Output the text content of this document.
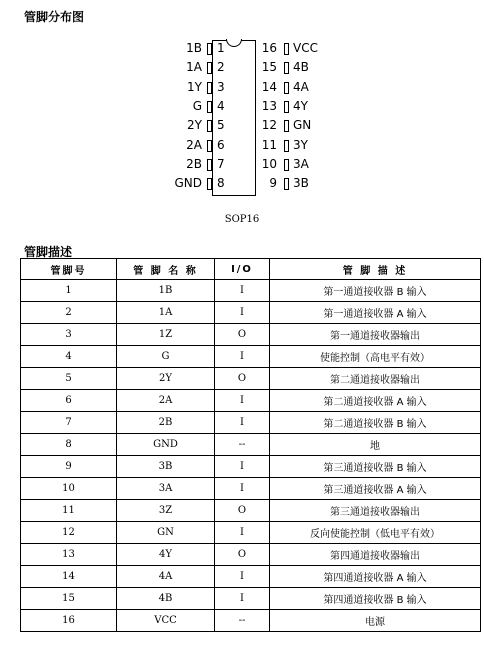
管脚分布图
1
1B
2
1A
3
1Y
4
G
5
2Y
6
2A
7
2B
8
GND
16 VCC
15 4B
14 4A
13 4Y
12 GN
11 3Y
10 3A
9 3B
SOP16
管脚描述
管脚号	管 脚 名 称	I/O	管 脚 描 述
1	1B	I	第一通道接收器 B 输入
2	1A	I	第一通道接收器 A 输入
3	1Z	O	第一通道接收器输出
4	G	I	使能控制（高电平有效）
5	2Y	O	第二通道接收器输出
6	2A	I	第二通道接收器 A 输入
7	2B	I	第二通道接收器 B 输入
8	GND	--	地
9	3B	I	第三通道接收器 B 输入
10	3A	I	第三通道接收器 A 输入
11	3Z	O	第三通道接收器输出
12	GN	I	反向使能控制（低电平有效）
13	4Y	O	第四通道接收器输出
14	4A	I	第四通道接收器 A 输入
15	4B	I	第四通道接收器 B 输入
16	VCC	--	电源
